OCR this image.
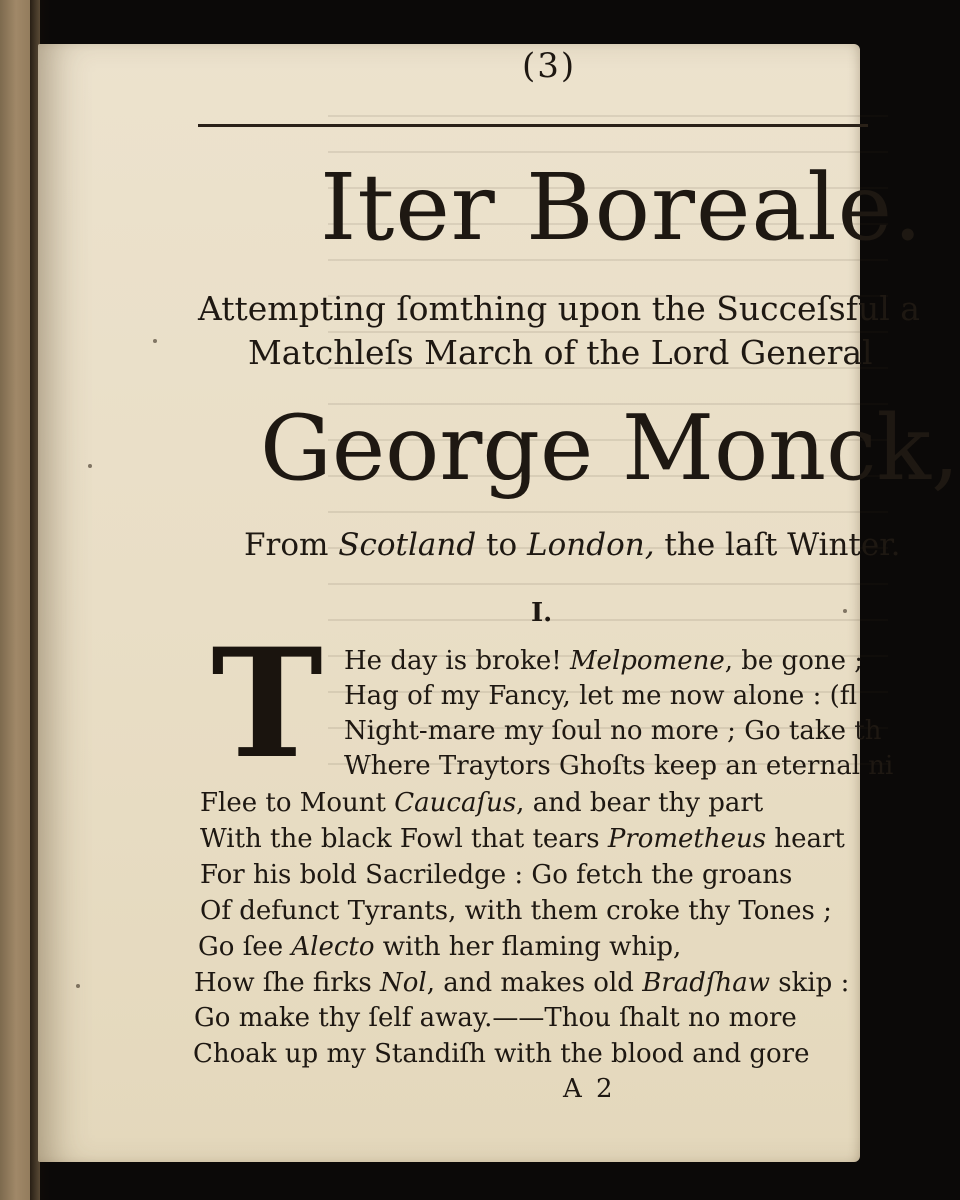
(3)
Iter Boreale.
Attempting ſomthing upon the Succeſsful a
Matchleſs March of the Lord General
George Monck,
From Scotland to London, the laſt Winter.
I.
T He day is broke! Melpomene, be gone ;
Hag of my Fancy, let me now alone : (fl
Night-mare my ſoul no more ; Go take th
Where Traytors Ghoſts keep an eternal ni
Flee to Mount Caucaſus, and bear thy part
With the black Fowl that tears Prometheus heart
For his bold Sacriledge : Go fetch the groans
Of defunct Tyrants, with them croke thy Tones ;
Go ſee Alecto with her flaming whip,
How ſhe firks Nol, and makes old Bradſhaw skip :
Go make thy ſelf away.——Thou ſhalt no more
Choak up my Standiſh with the blood and gore
A 2
